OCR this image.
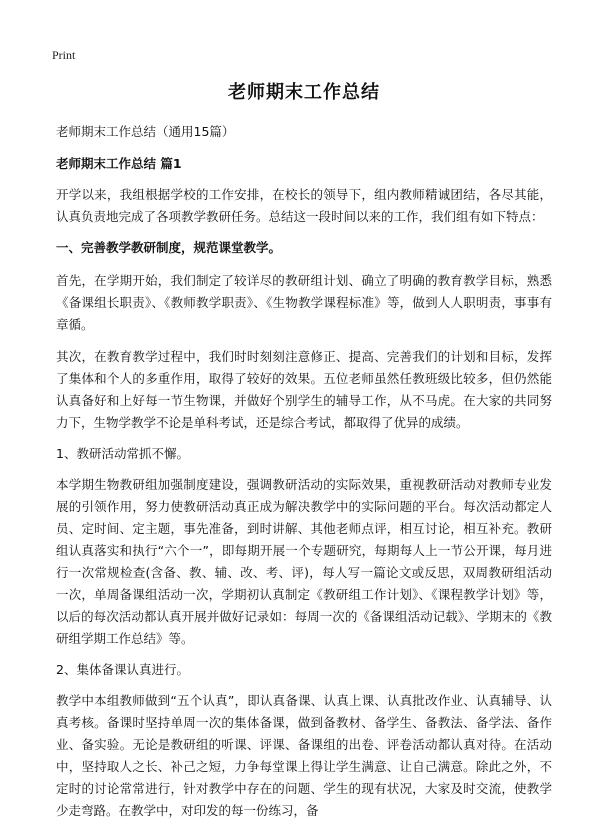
Print
老师期末工作总结
老师期末工作总结（通用15篇）
老师期末工作总结 篇1

开学以来，我组根据学校的工作安排，在校长的领导下，组内教师精诚团结，各尽其能，认真负责地完成了各项教学教研任务。总结这一段时间以来的工作，我们组有如下特点：

一、完善教学教研制度，规范课堂教学。

首先，在学期开始，我们制定了较详尽的教研组计划、确立了明确的教育教学目标，熟悉《备课组长职责》、《教师教学职责》、《生物教学课程标准》等，做到人人职明责，事事有章循。

其次，在教育教学过程中，我们时时刻刻注意修正、提高、完善我们的计划和目标，发挥了集体和个人的多重作用，取得了较好的效果。五位老师虽然任教班级比较多，但仍然能认真备好和上好每一节生物课，并做好个别学生的辅导工作，从不马虎。在大家的共同努力下，生物学教学不论是单科考试，还是综合考试，都取得了优异的成绩。

1、教研活动常抓不懈。

本学期生物教研组加强制度建设，强调教研活动的实际效果，重视教研活动对教师专业发展的引领作用，努力使教研活动真正成为解决教学中的实际问题的平台。每次活动都定人员、定时间、定主题，事先准备，到时讲解、其他老师点评，相互讨论，相互补充。教研组认真落实和执行“六个一”，即每期开展一个专题研究，每期每人上一节公开课，每月进行一次常规检查(含备、教、辅、改、考、评)，每人写一篇论文或反思，双周教研组活动一次，单周备课组活动一次，学期初认真制定《教研组工作计划》、《课程教学计划》等，以后的每次活动都认真开展并做好记录如：每周一次的《备课组活动记载》、学期末的《教研组学期工作总结》等。

2、集体备课认真进行。

教学中本组教师做到“五个认真”，即认真备课、认真上课、认真批改作业、认真辅导、认真考核。备课时坚持单周一次的集体备课，做到备教材、备学生、备教法、备学法、备作业、备实验。无论是教研组的听课、评课、备课组的出卷、评卷活动都认真对待。在活动中，坚持取人之长、补己之短，力争每堂课上得让学生满意、让自己满意。除此之外，不定时的讨论常常进行，针对教学中存在的问题、学生的现有状况，大家及时交流，使教学少走弯路。在教学中，对印发的每一份练习，备
